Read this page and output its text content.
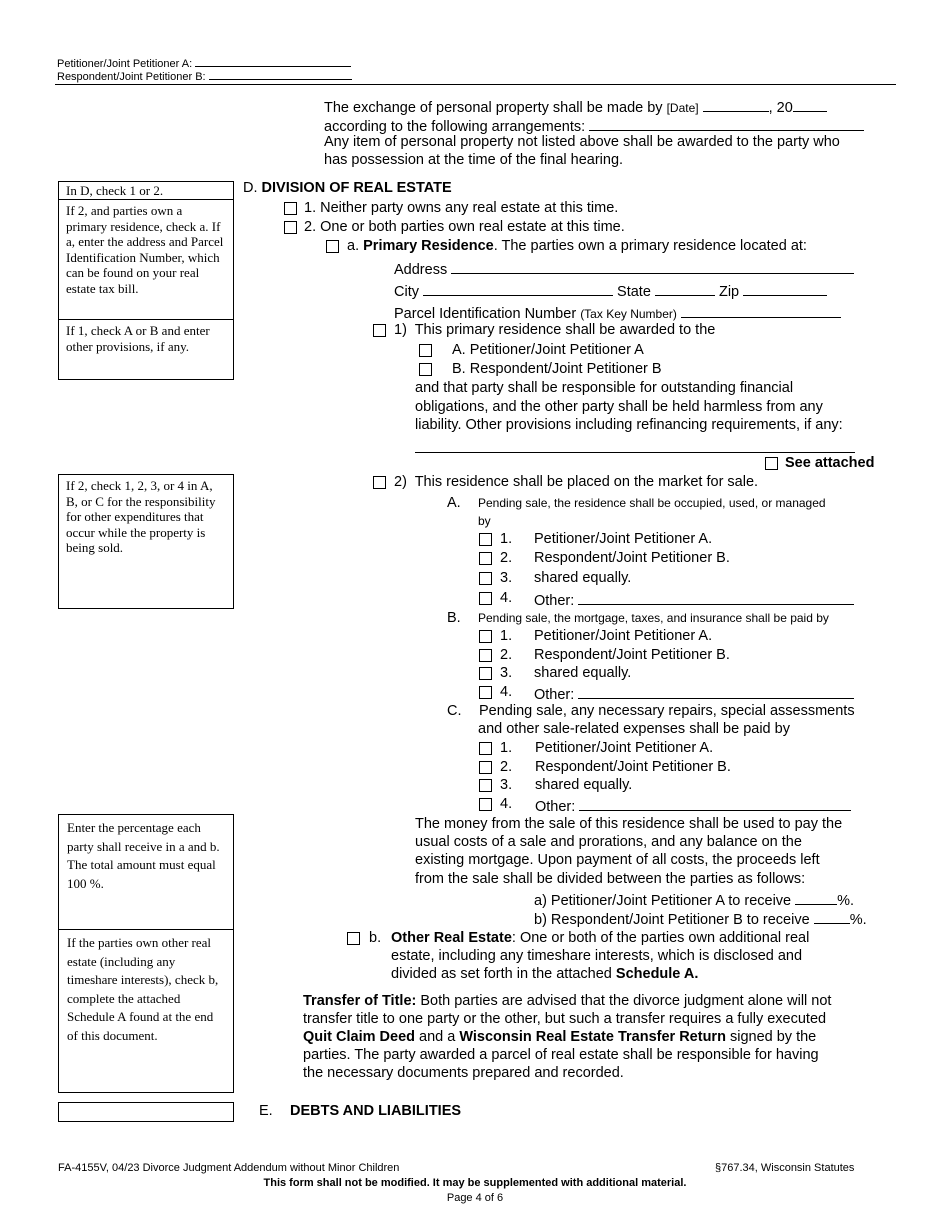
Petitioner/Joint Petitioner A:
Respondent/Joint Petitioner B:
The exchange of personal property shall be made by [Date]	, 20
according to the following arrangements:
Any item of personal property not listed above shall be awarded to the party who
has possession at the time of the final hearing.
In D, check 1 or 2.
If 2, and parties own a primary residence, check a. If a, enter the address and Parcel Identification Number, which can be found on your real estate tax bill.
If 1, check A or B and enter other provisions, if any.
D. DIVISION OF REAL ESTATE
1. Neither party owns any real estate at this time.
2. One or both parties own real estate at this time.
a. Primary Residence. The parties own a primary residence located at:
Address
City	State	Zip
Parcel Identification Number (Tax Key Number)
1) This primary residence shall be awarded to the
A. Petitioner/Joint Petitioner A
B. Respondent/Joint Petitioner B
and that party shall be responsible for outstanding financial
obligations, and the other party shall be held harmless from any
liability. Other provisions including refinancing requirements, if any:
See attached
If 2, check 1, 2, 3, or 4 in A, B, or C for the responsibility for other expenditures that occur while the property is being sold.
2) This residence shall be placed on the market for sale.
A. Pending sale, the residence shall be occupied, used, or managed
by
1. Petitioner/Joint Petitioner A.
2. Respondent/Joint Petitioner B.
3. shared equally.
4. Other:
B. Pending sale, the mortgage, taxes, and insurance shall be paid by
1. Petitioner/Joint Petitioner A.
2. Respondent/Joint Petitioner B.
3. shared equally.
4. Other:
C. Pending sale, any necessary repairs, special assessments
and other sale-related expenses shall be paid by
1. Petitioner/Joint Petitioner A.
2. Respondent/Joint Petitioner B.
3. shared equally.
4. Other:
Enter the percentage each party shall receive in a and b. The total amount must equal 100 %.
If the parties own other real estate (including any timeshare interests), check b, complete the attached Schedule A found at the end of this document.
The money from the sale of this residence shall be used to pay the
usual costs of a sale and prorations, and any balance on the
existing mortgage. Upon payment of all costs, the proceeds left
from the sale shall be divided between the parties as follows:
a) Petitioner/Joint Petitioner A to receive	%.
b) Respondent/Joint Petitioner B to receive	%.
b. Other Real Estate: One or both of the parties own additional real
estate, including any timeshare interests, which is disclosed and
divided as set forth in the attached Schedule A.
Transfer of Title: Both parties are advised that the divorce judgment alone will not
transfer title to one party or the other, but such a transfer requires a fully executed
Quit Claim Deed and a Wisconsin Real Estate Transfer Return signed by the
parties. The party awarded a parcel of real estate shall be responsible for having
the necessary documents prepared and recorded.
E. DEBTS AND LIABILITIES
FA-4155V, 04/23 Divorce Judgment Addendum without Minor Children	§767.34, Wisconsin Statutes
This form shall not be modified. It may be supplemented with additional material.
Page 4 of 6
